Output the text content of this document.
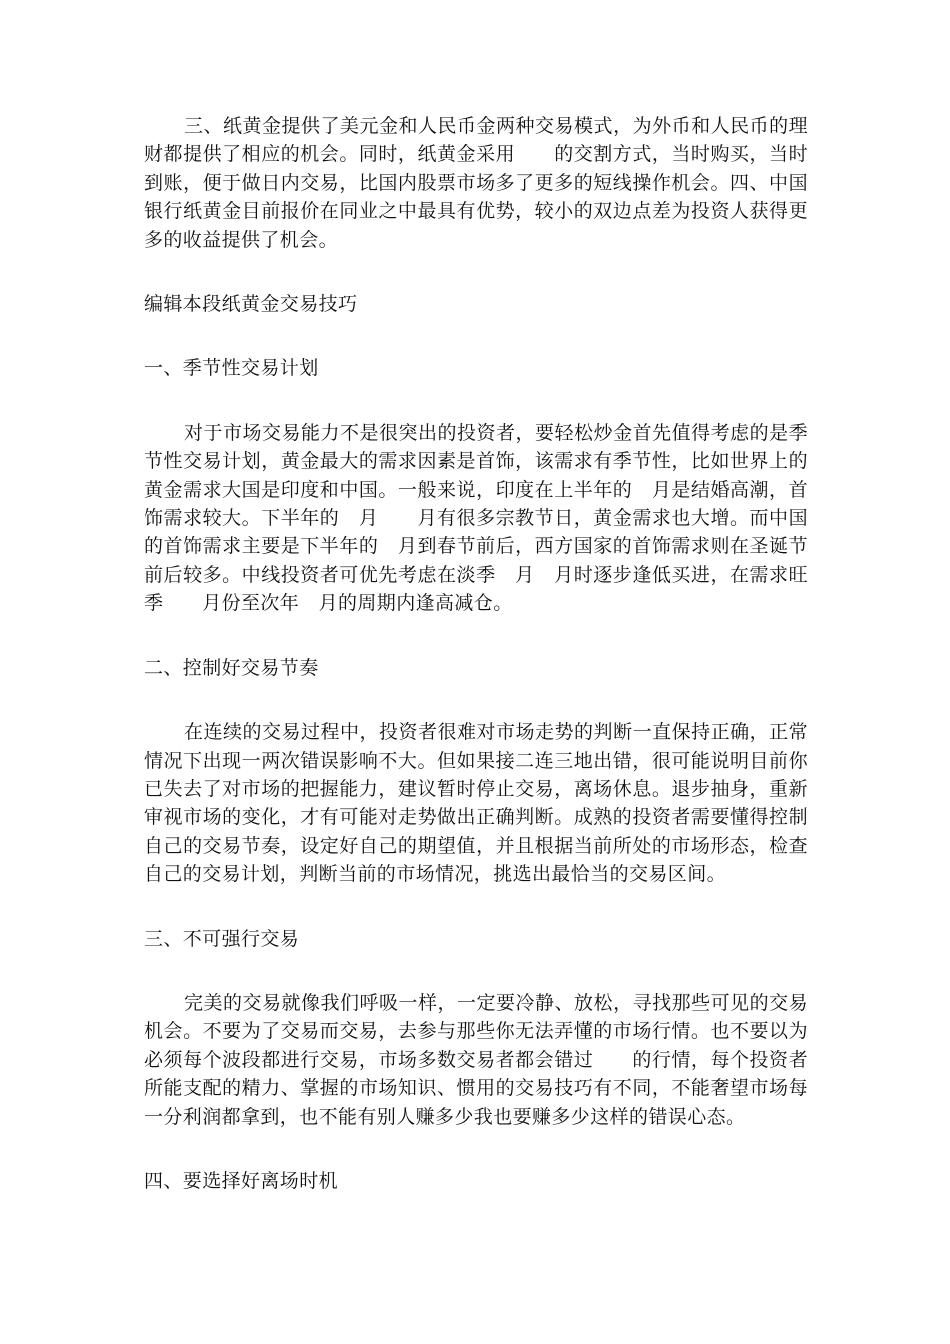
三、纸黄金提供了美元金和人民币金两种交易模式，为外币和人民币的理财都提供了相应的机会。同时，纸黄金采用　　的交割方式，当时购买，当时到账，便于做日内交易，比国内股票市场多了更多的短线操作机会。四、中国银行纸黄金目前报价在同业之中最具有优势，较小的双边点差为投资人获得更多的收益提供了机会。

编辑本段纸黄金交易技巧

一、季节性交易计划

对于市场交易能力不是很突出的投资者，要轻松炒金首先值得考虑的是季节性交易计划，黄金最大的需求因素是首饰，该需求有季节性，比如世界上的黄金需求大国是印度和中国。一般来说，印度在上半年的　月是结婚高潮，首饰需求较大。下半年的　月　　月有很多宗教节日，黄金需求也大增。而中国的首饰需求主要是下半年的　月到春节前后，西方国家的首饰需求则在圣诞节前后较多。中线投资者可优先考虑在淡季　月　月时逐步逢低买进，在需求旺季　　月份至次年　月的周期内逢高减仓。

二、控制好交易节奏

在连续的交易过程中，投资者很难对市场走势的判断一直保持正确，正常情况下出现一两次错误影响不大。但如果接二连三地出错，很可能说明目前你已失去了对市场的把握能力，建议暂时停止交易，离场休息。退步抽身，重新审视市场的变化，才有可能对走势做出正确判断。成熟的投资者需要懂得控制自己的交易节奏，设定好自己的期望值，并且根据当前所处的市场形态，检查自己的交易计划，判断当前的市场情况，挑选出最恰当的交易区间。

三、不可强行交易

完美的交易就像我们呼吸一样，一定要冷静、放松，寻找那些可见的交易机会。不要为了交易而交易，去参与那些你无法弄懂的市场行情。也不要以为必须每个波段都进行交易，市场多数交易者都会错过　　的行情，每个投资者所能支配的精力、掌握的市场知识、惯用的交易技巧有不同，不能奢望市场每一分利润都拿到，也不能有别人赚多少我也要赚多少这样的错误心态。

四、要选择好离场时机
